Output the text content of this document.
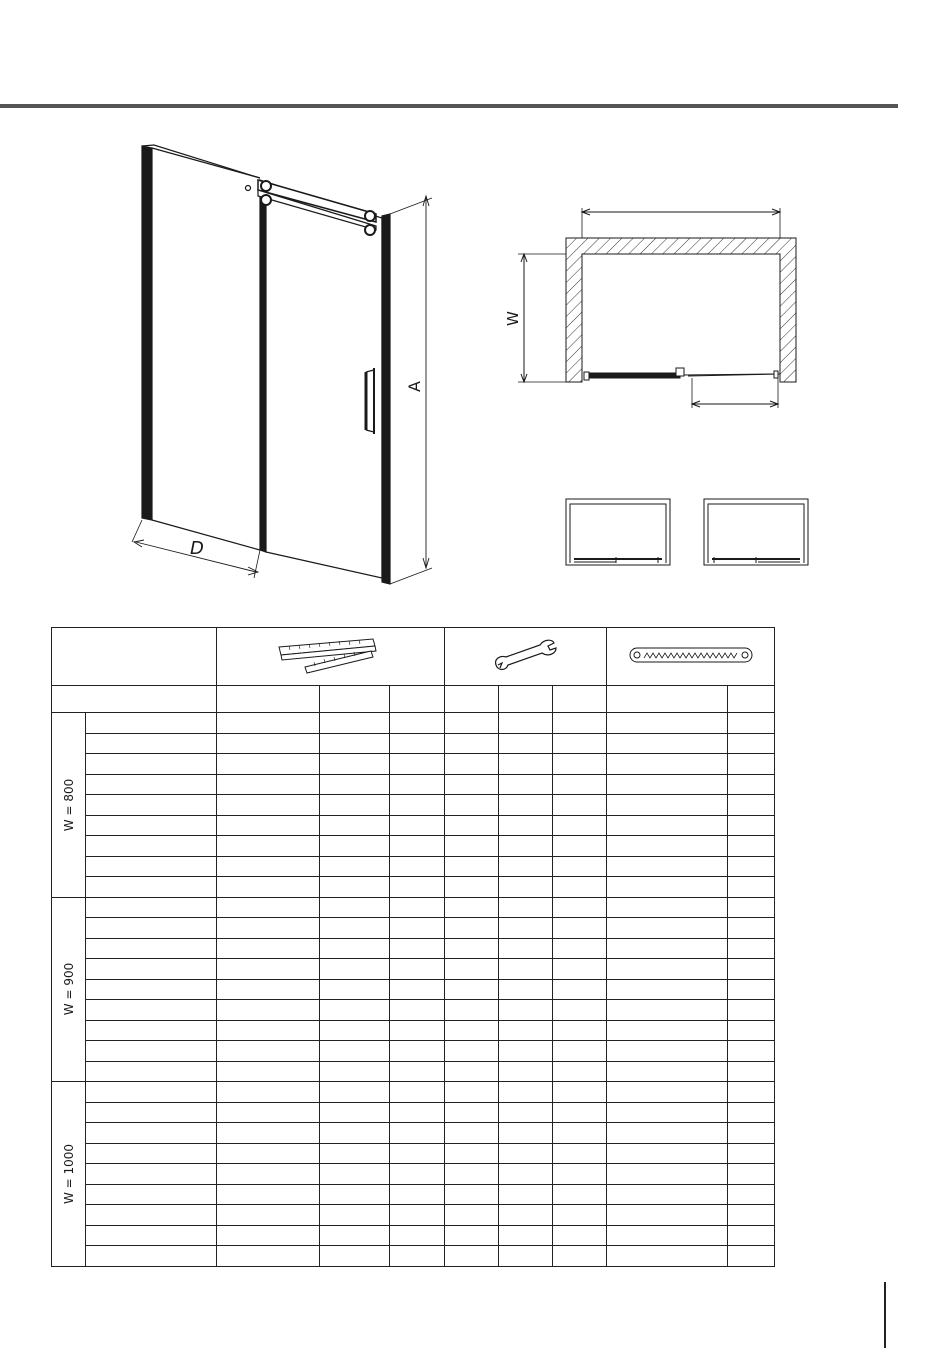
D
A
W

W = 800									

W = 900									

W = 1000									
